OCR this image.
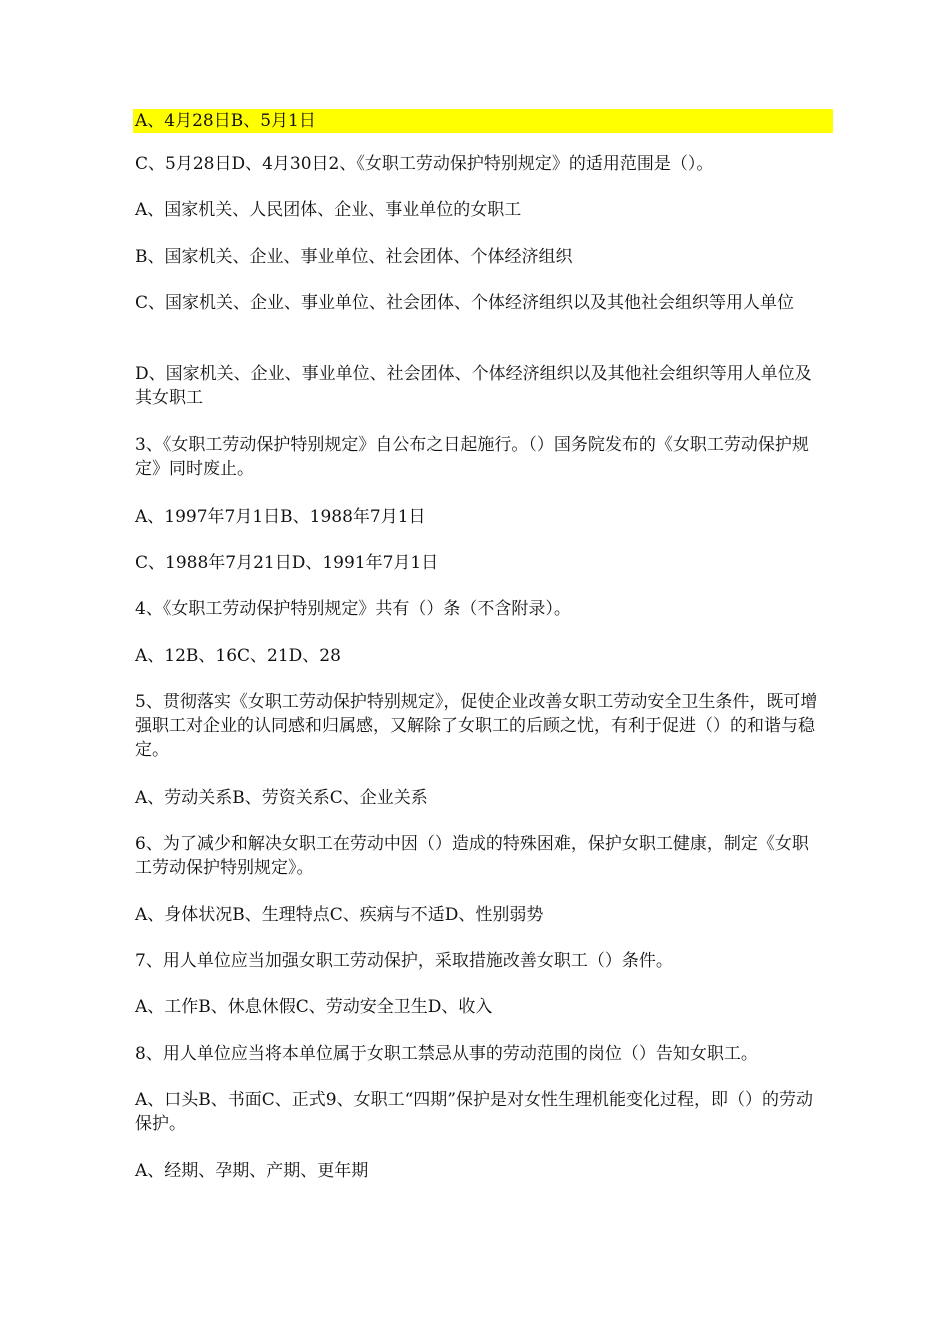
A、4月28日B、5月1日
C、5月28日D、4月30日2、《女职工劳动保护特别规定》的适用范围是（）。
A、国家机关、人民团体、企业、事业单位的女职工
B、国家机关、企业、事业单位、社会团体、个体经济组织
C、国家机关、企业、事业单位、社会团体、个体经济组织以及其他社会组织等用人单位
D、国家机关、企业、事业单位、社会团体、个体经济组织以及其他社会组织等用人单位及其女职工
3、《女职工劳动保护特别规定》自公布之日起施行。（）国务院发布的《女职工劳动保护规定》同时废止。
A、1997年7月1日B、1988年7月1日
C、1988年7月21日D、1991年7月1日
4、《女职工劳动保护特别规定》共有（）条（不含附录）。
A、12B、16C、21D、28
5、贯彻落实《女职工劳动保护特别规定》，促使企业改善女职工劳动安全卫生条件，既可增强职工对企业的认同感和归属感，又解除了女职工的后顾之忧，有利于促进（）的和谐与稳定。
A、劳动关系B、劳资关系C、企业关系
6、为了减少和解决女职工在劳动中因（）造成的特殊困难，保护女职工健康，制定《女职工劳动保护特别规定》。
A、身体状况B、生理特点C、疾病与不适D、性别弱势
7、用人单位应当加强女职工劳动保护，采取措施改善女职工（）条件。
A、工作B、休息休假C、劳动安全卫生D、收入
8、用人单位应当将本单位属于女职工禁忌从事的劳动范围的岗位（）告知女职工。
A、口头B、书面C、正式9、女职工“四期”保护是对女性生理机能变化过程，即（）的劳动保护。
A、经期、孕期、产期、更年期
